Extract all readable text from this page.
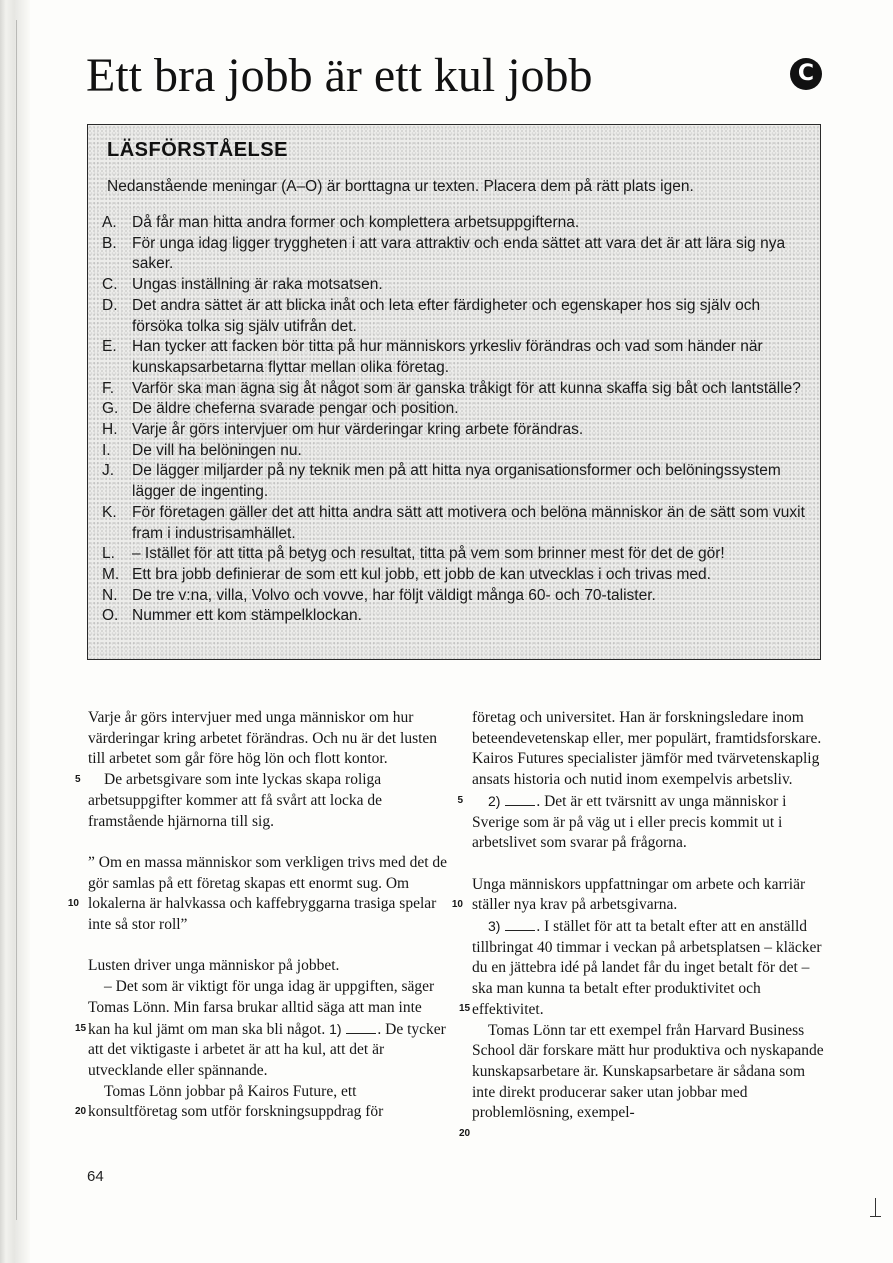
Ett bra jobb är ett kul jobb	C
LÄSFÖRSTÅELSE
Nedanstående meningar (A–O) är borttagna ur texten. Placera dem på rätt plats igen.
A. Då får man hitta andra former och komplettera arbetsuppgifterna.
B. För unga idag ligger tryggheten i att vara attraktiv och enda sättet att vara det är att lära sig nya saker.
C. Ungas inställning är raka motsatsen.
D. Det andra sättet är att blicka inåt och leta efter färdigheter och egenskaper hos sig själv och försöka tolka sig själv utifrån det.
E. Han tycker att facken bör titta på hur människors yrkesliv förändras och vad som händer när kunskapsarbetarna flyttar mellan olika företag.
F.	Varför ska man ägna sig åt något som är ganska tråkigt för att kunna skaffa sig båt och lantställe?
G. De äldre cheferna svarade pengar och position.
H. Varje år görs intervjuer om hur värderingar kring arbete förändras.
I.	De vill ha belöningen nu.
J.	De lägger miljarder på ny teknik men på att hitta nya organisationsformer och belöningssystem lägger de ingenting.
K. För företagen gäller det att hitta andra sätt att motivera och belöna människor än de sätt som vuxit fram i industrisamhället.
L.	– Istället för att titta på betyg och resultat, titta på vem som brinner mest för det de gör!
M. Ett bra jobb definierar de som ett kul jobb, ett jobb de kan utvecklas i och trivas med.
N. De tre v:na, villa, Volvo och vovve, har följt väldigt många 60- och 70-talister.
O. Nummer ett kom stämpelklockan.

Varje år görs intervjuer med unga människor om hur värderingar kring arbetet förändras. Och nu är det lusten till arbetet som går före hög lön och flott kontor.

5 De arbetsgivare som inte lyckas skapa roliga arbetsuppgifter kommer att få svårt att locka de framstående hjärnorna till sig.

10
” Om en massa människor som verkligen trivs med det de gör samlas på ett företag skapas ett enormt sug. Om lokalerna är halvkassa och kaffebryggarna trasiga spelar inte så stor roll”

Lusten driver unga människor på jobbet.

15
– Det som är viktigt för unga idag är uppgiften, säger Tomas Lönn. Min farsa brukar alltid säga att man inte kan ha kul jämt om man ska bli något. 1) . De tycker att det viktigaste i arbetet är att ha kul, att det är utvecklande eller spännande.

20
Tomas Lönn jobbar på Kairos Future, ett konsultföretag som utför forskningsuppdrag för

5
företag och universitet. Han är forskningsledare inom beteendevetenskap eller, mer populärt, framtidsforskare. Kairos Futures specialister jämför med tvärvetenskaplig ansats historia och nutid inom exempelvis arbetsliv.

2) . Det är ett tvärsnitt av unga människor i Sverige som är på väg ut i eller precis kommit ut i arbetslivet som svarar på frågorna.

10
Unga människors uppfattningar om arbete och karriär ställer nya krav på arbetsgivarna.

15
3) . I stället för att ta betalt efter att en anställd tillbringat 40 timmar i veckan på arbetsplatsen – kläcker du en jättebra idé på landet får du inget betalt för det – ska man kunna ta betalt efter produktivitet och effektivitet.

20
Tomas Lönn tar ett exempel från Harvard Business School där forskare mätt hur produktiva och nyskapande kunskapsarbetare är. Kunskapsarbetare är sådana som inte direkt producerar saker utan jobbar med problemlösning, exempel-

64
